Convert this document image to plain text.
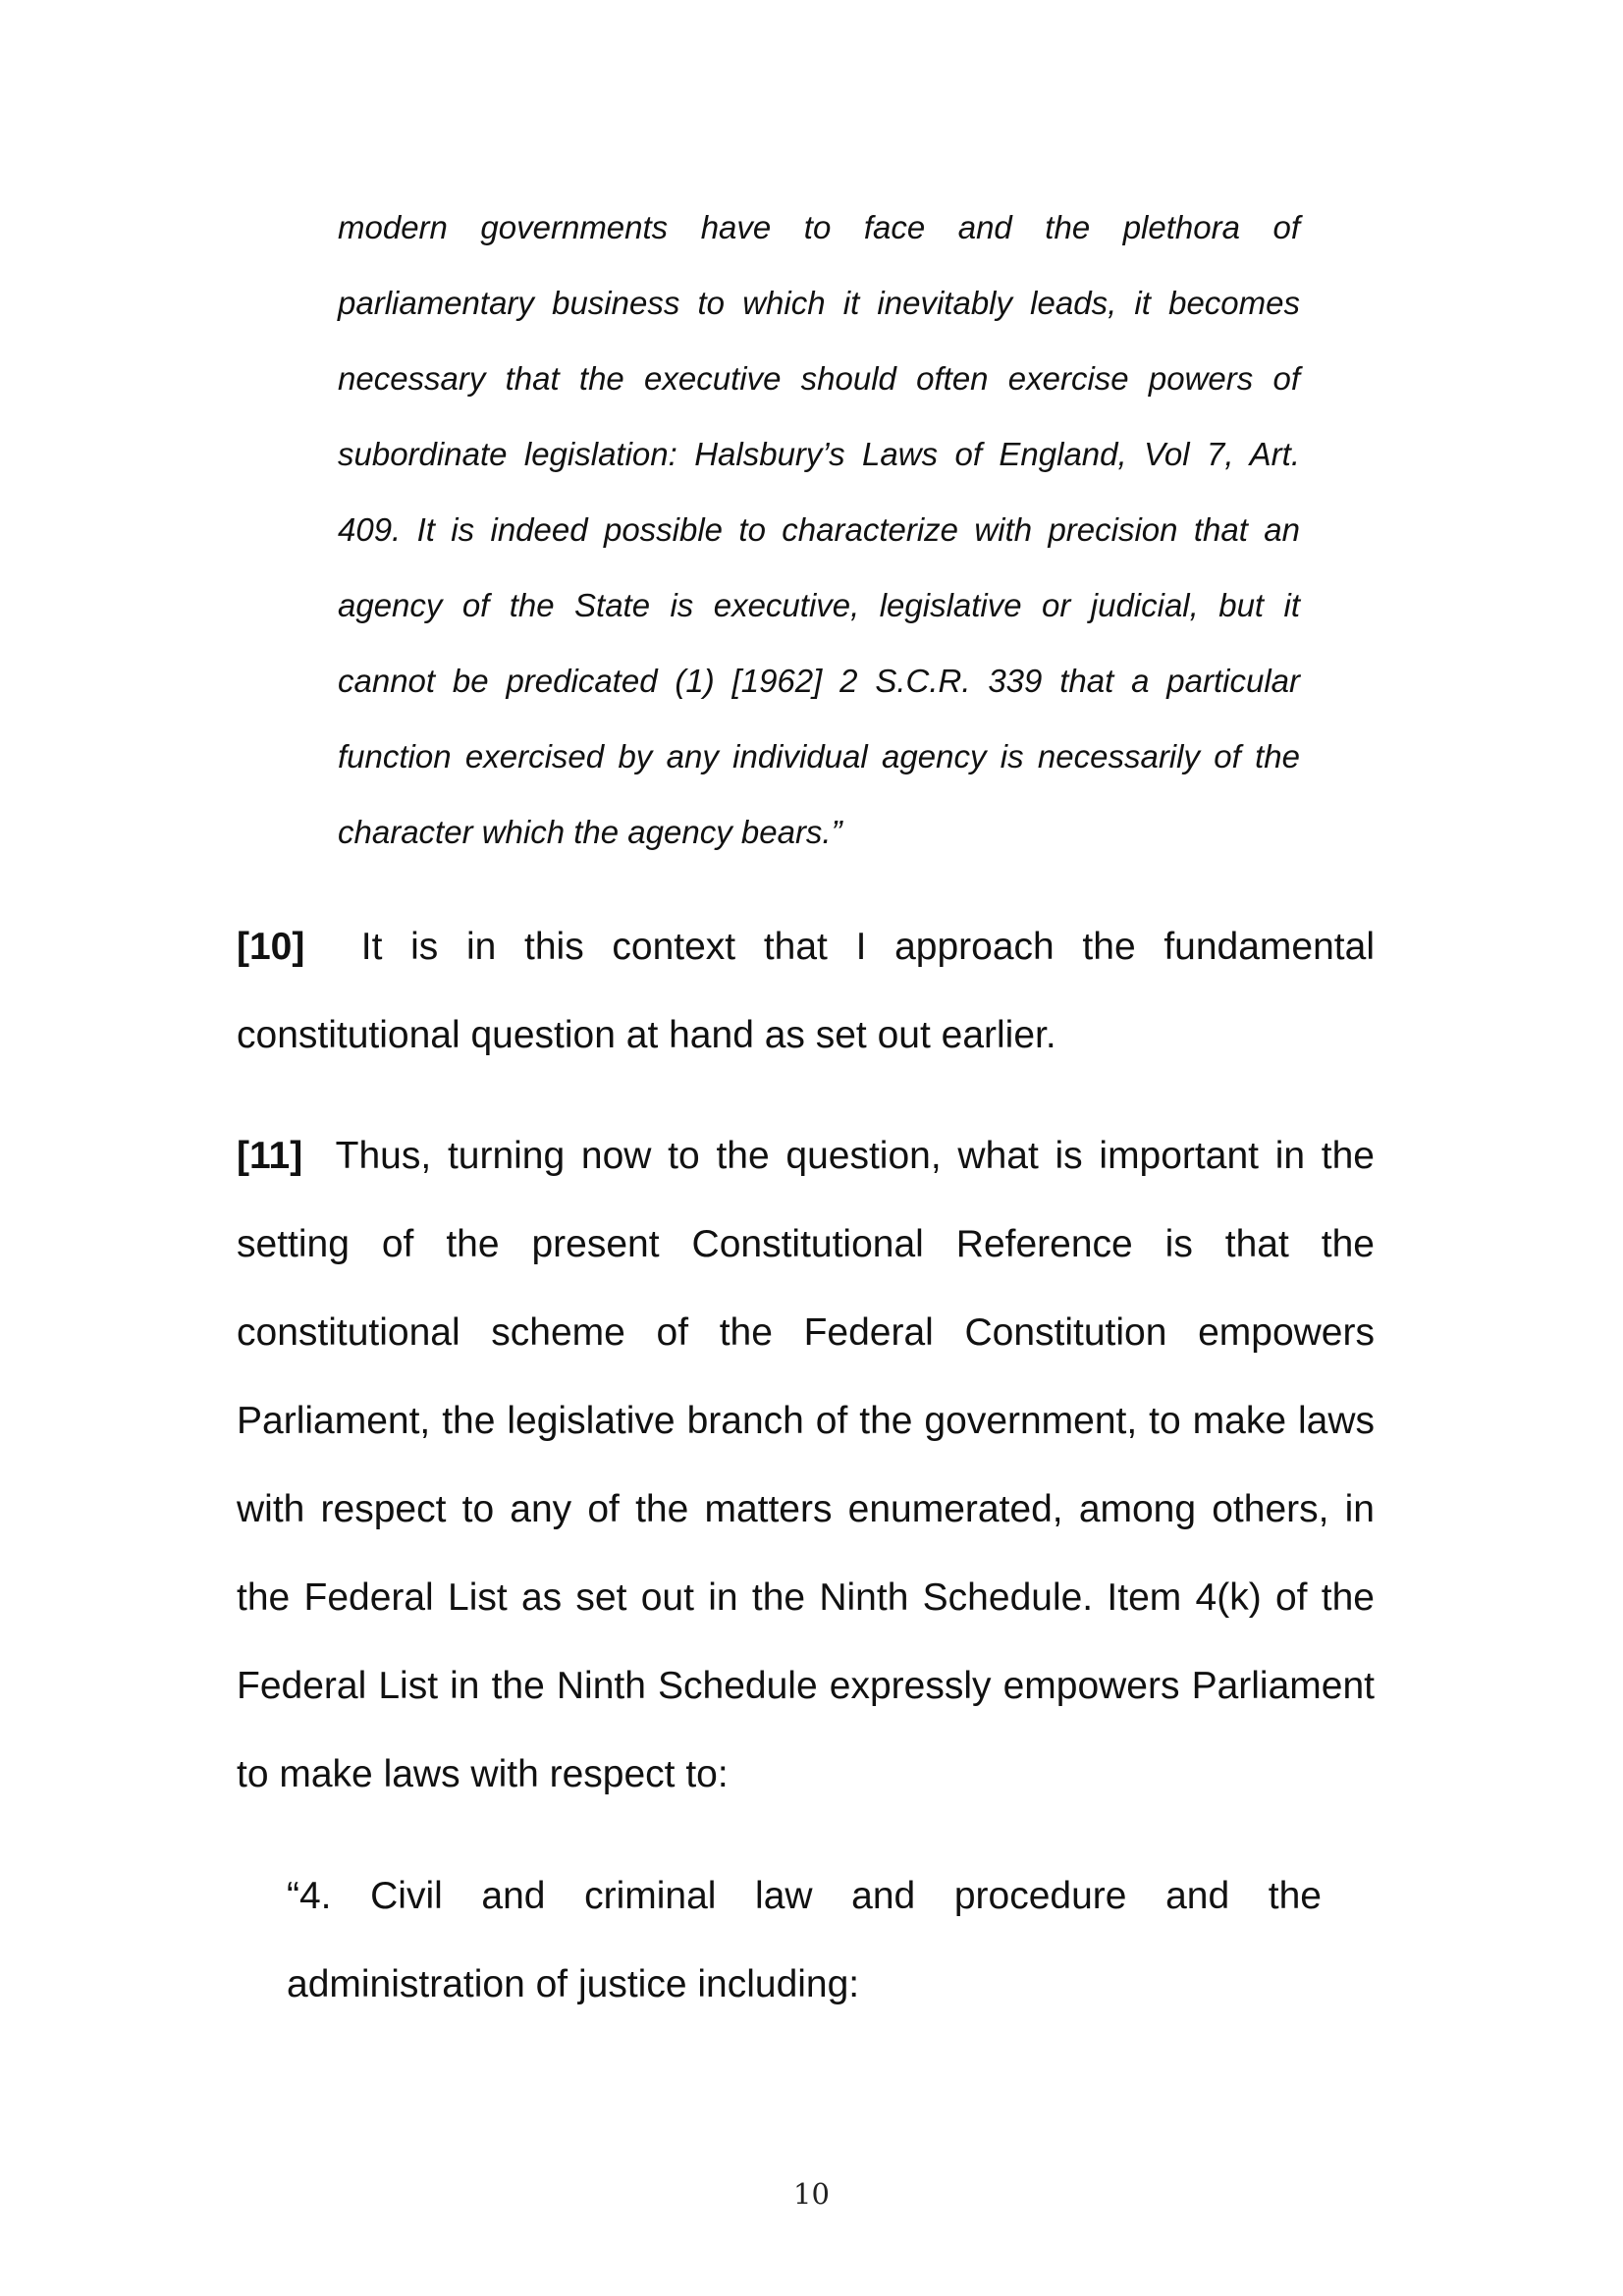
modern governments have to face and the plethora of
parliamentary business to which it inevitably leads, it becomes
necessary that the executive should often exercise powers of
subordinate legislation: Halsbury’s Laws of England, Vol 7, Art.
409. It is indeed possible to characterize with precision that an
agency of the State is executive, legislative or judicial, but it
cannot be predicated (1) [1962] 2 S.C.R. 339 that a particular
function exercised by any individual agency is necessarily of the
character which the agency bears.”
[10] It is in this context that I approach the fundamental
constitutional question at hand as set out earlier.
[11] Thus, turning now to the question, what is important in the
setting of the present Constitutional Reference is that the
constitutional scheme of the Federal Constitution empowers
Parliament, the legislative branch of the government, to make laws
with respect to any of the matters enumerated, among others, in
the Federal List as set out in the Ninth Schedule. Item 4(k) of the
Federal List in the Ninth Schedule expressly empowers Parliament
to make laws with respect to:
“4. Civil and criminal law and procedure and the
administration of justice including:
10
